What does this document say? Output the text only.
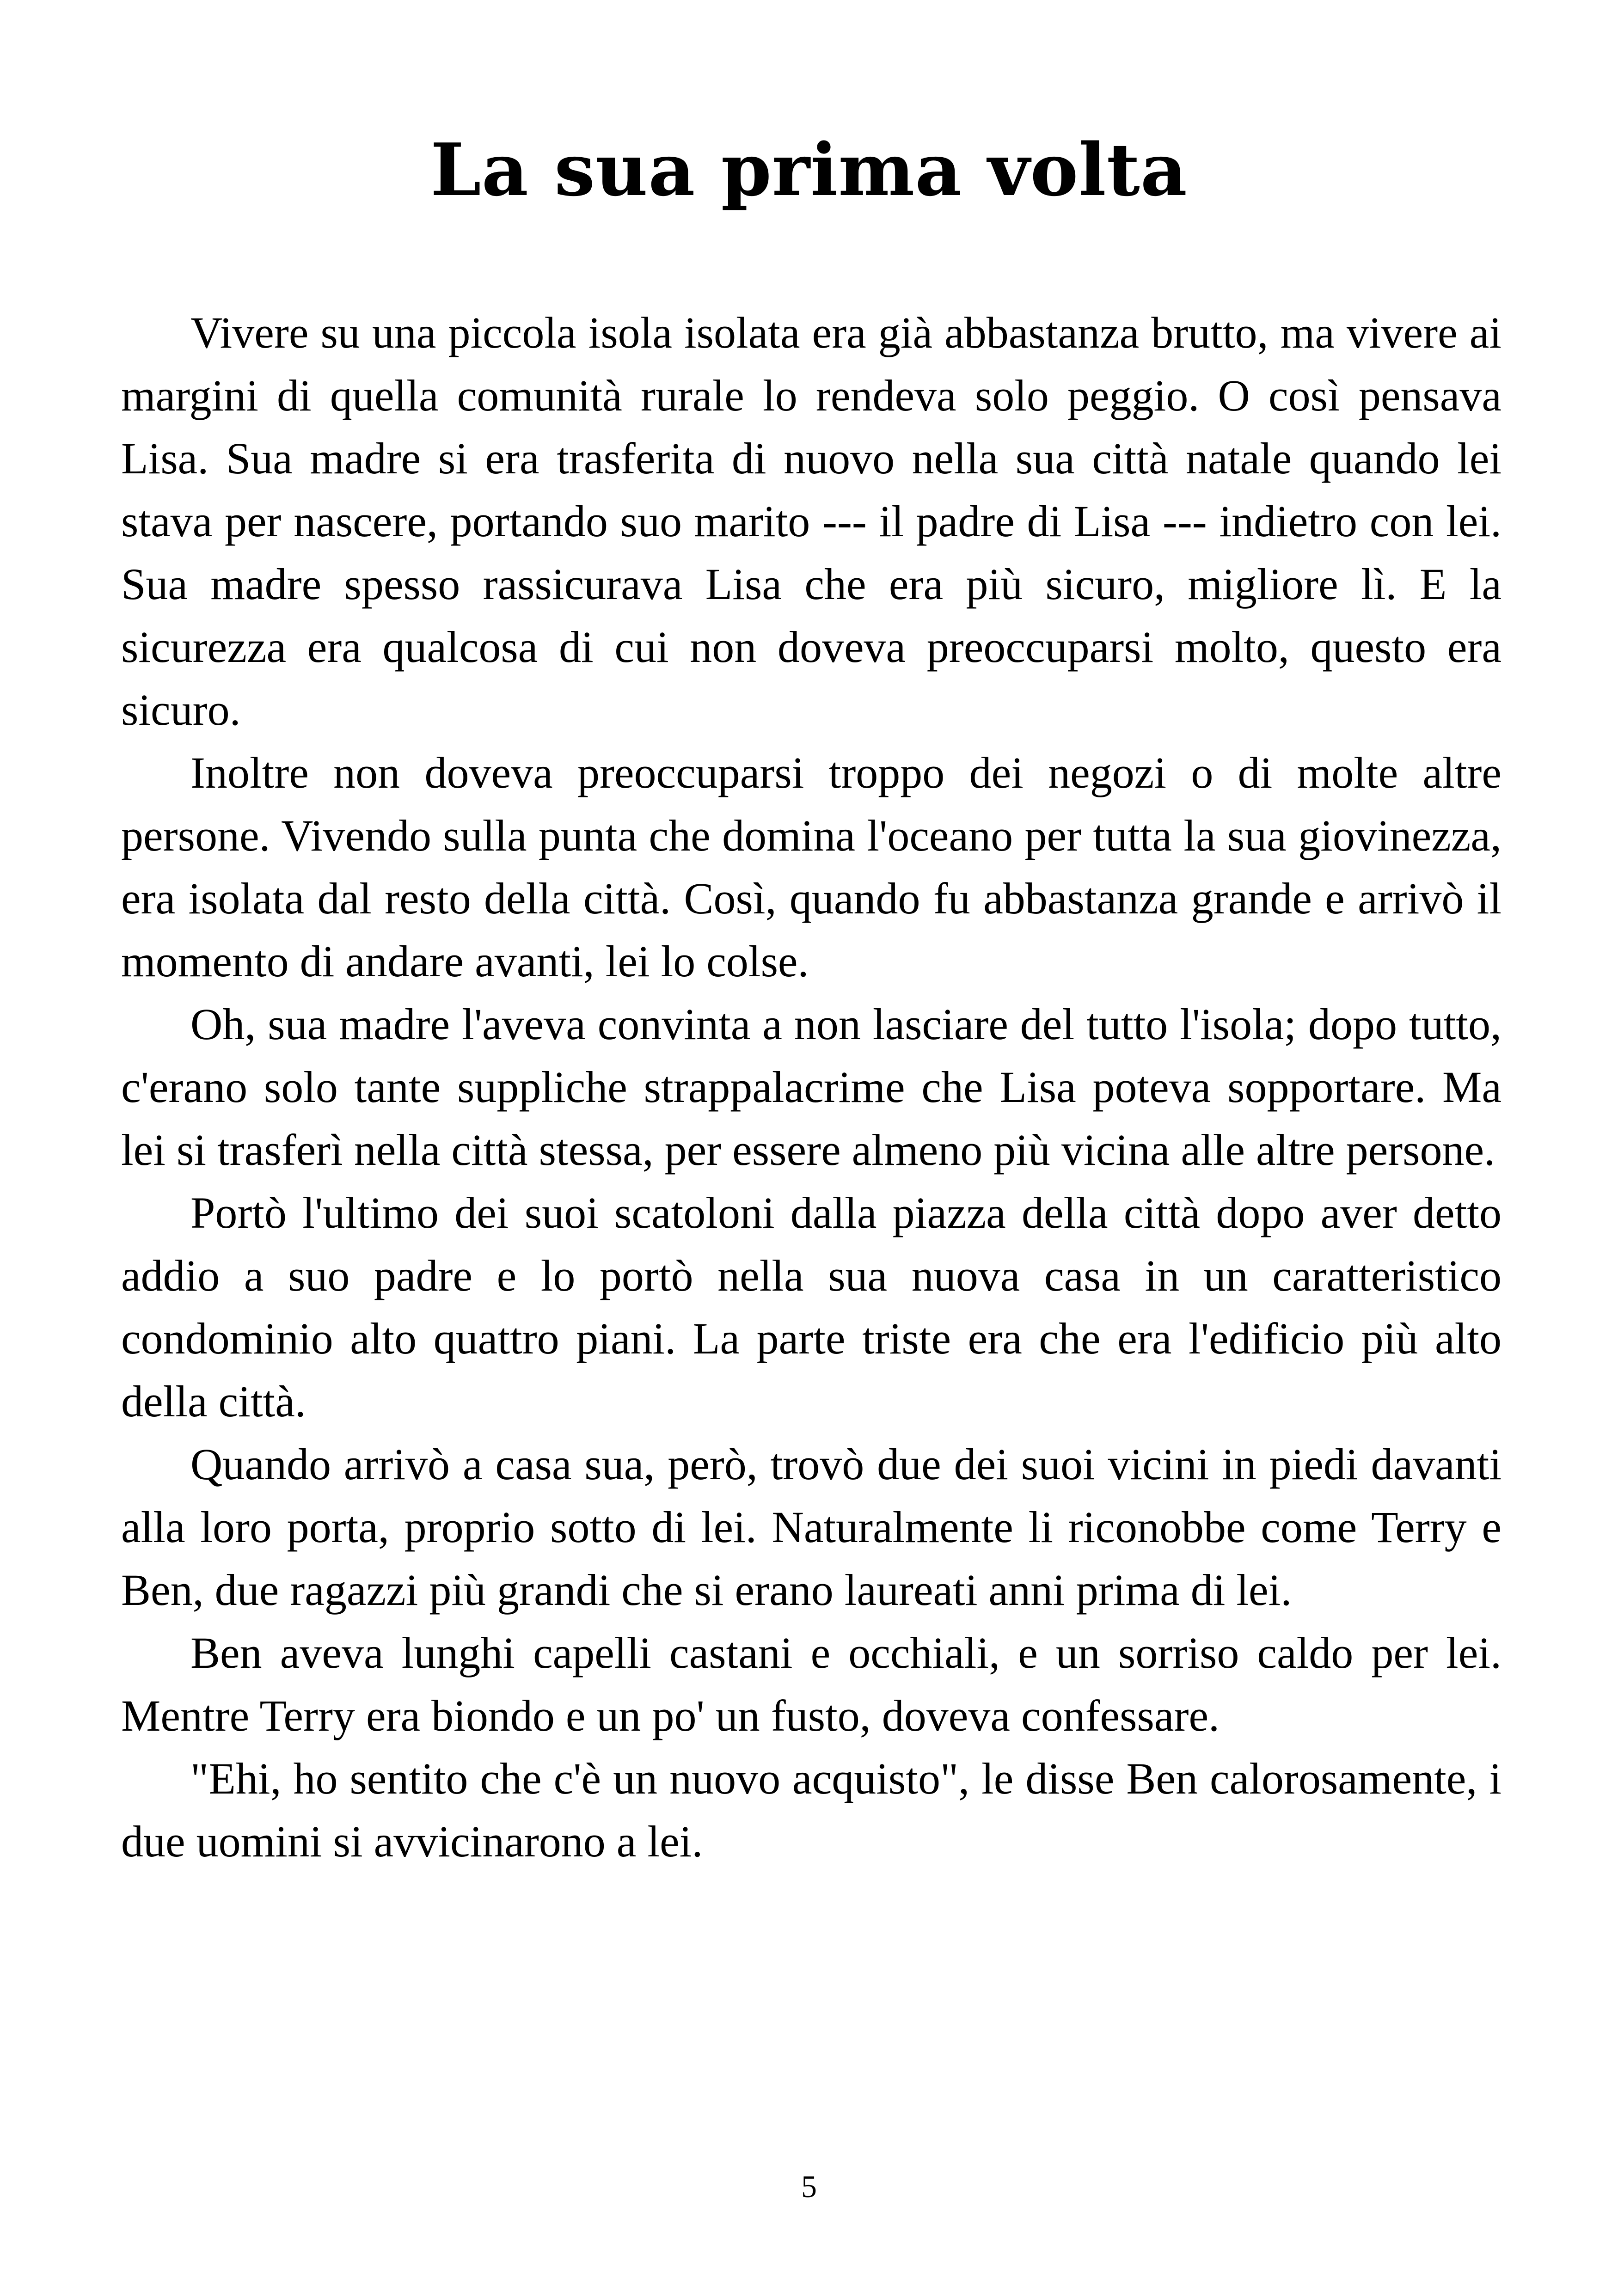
La sua prima volta

Vivere su una piccola isola isolata era già abbastanza brutto, ma vivere ai margini di quella comunità rurale lo rendeva solo peggio. O così pensava Lisa. Sua madre si era trasferita di nuovo nella sua città natale quando lei stava per nascere, portando suo marito --- il padre di Lisa --- indietro con lei. Sua madre spesso rassicurava Lisa che era più sicuro, migliore lì. E la sicurezza era qualcosa di cui non doveva preoccuparsi molto, questo era sicuro.

Inoltre non doveva preoccuparsi troppo dei negozi o di molte altre persone. Vivendo sulla punta che domina l'oceano per tutta la sua giovinezza, era isolata dal resto della città. Così, quando fu abbastanza grande e arrivò il momento di andare avanti, lei lo colse.

Oh, sua madre l'aveva convinta a non lasciare del tutto l'isola; dopo tutto, c'erano solo tante suppliche strappalacrime che Lisa poteva sopportare. Ma lei si trasferì nella città stessa, per essere almeno più vicina alle altre persone.

Portò l'ultimo dei suoi scatoloni dalla piazza della città dopo aver detto addio a suo padre e lo portò nella sua nuova casa in un caratteristico condominio alto quattro piani. La parte triste era che era l'edificio più alto della città.

Quando arrivò a casa sua, però, trovò due dei suoi vicini in piedi davanti alla loro porta, proprio sotto di lei. Naturalmente li riconobbe come Terry e Ben, due ragazzi più grandi che si erano laureati anni prima di lei.

Ben aveva lunghi capelli castani e occhiali, e un sorriso caldo per lei. Mentre Terry era biondo e un po' un fusto, doveva confessare.

"Ehi, ho sentito che c'è un nuovo acquisto", le disse Ben calorosamente, i due uomini si avvicinarono a lei.

5
